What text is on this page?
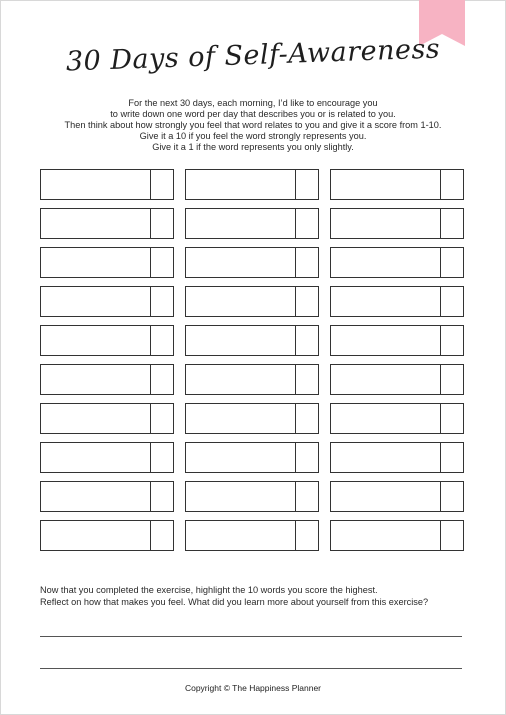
30 Days of Self-Awareness
For the next 30 days, each morning, I’d like to encourage you
to write down one word per day that describes you or is related to you.
Then think about how strongly you feel that word relates to you and give it a score from 1-10.
Give it a 10 if you feel the word strongly represents you.
Give it a 1 if the word represents you only slightly.
Now that you completed the exercise, highlight the 10 words you score the highest.
Reflect on how that makes you feel. What did you learn more about yourself from this exercise?
Copyright © The Happiness Planner
